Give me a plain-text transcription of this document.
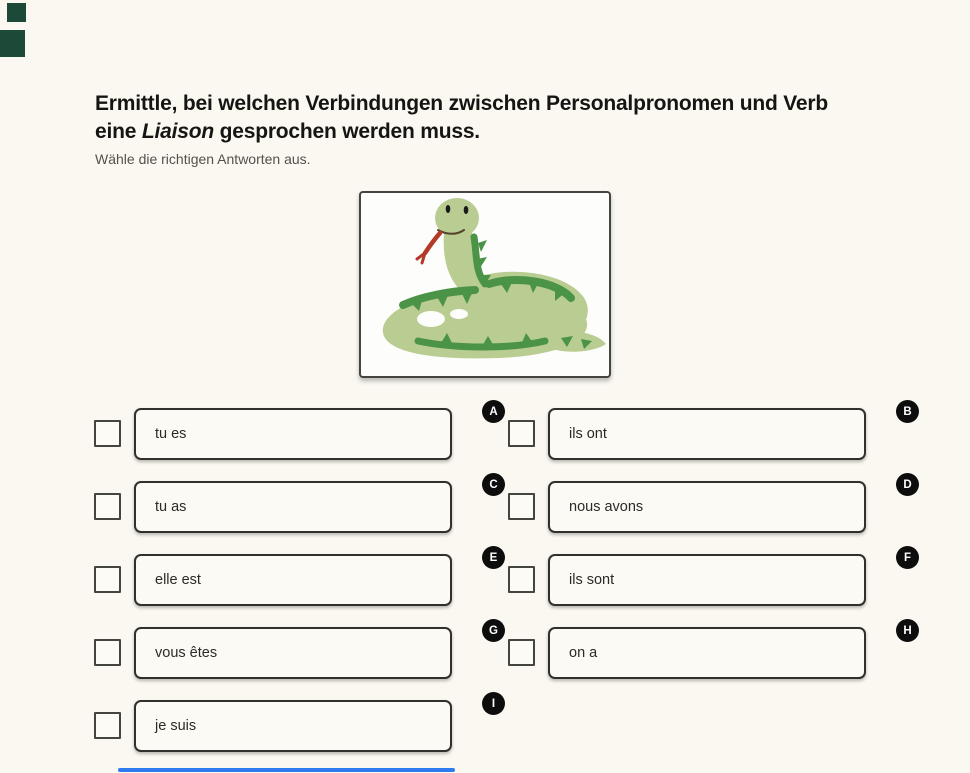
Ermittle, bei welchen Verbindungen zwischen Personalpronomen und Verb eine Liaison gesprochen werden muss.
Wähle die richtigen Antworten aus.
tu es
A
tu as
C
elle est
E
vous êtes
G
je suis
I
ils ont
B
nous avons
D
ils sont
F
on a
H
